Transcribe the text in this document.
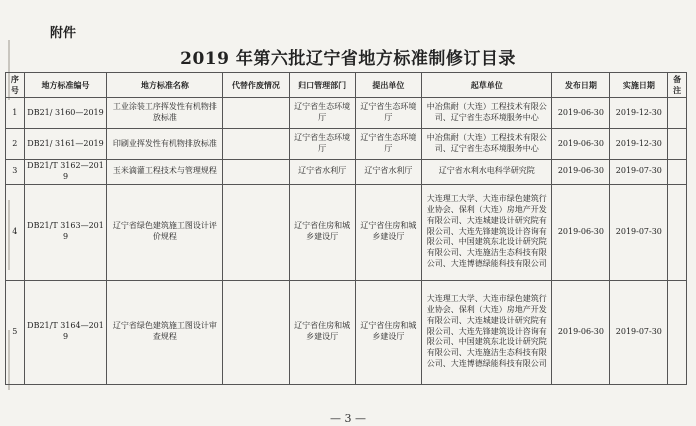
附件
2019 年第六批辽宁省地方标准制修订目录
序号	地方标准编号	地方标准名称	代替作废情况	归口管理部门	提出单位	起草单位	发布日期	实施日期	备注
1	DB21/ 3160—2019	工业涂装工序挥发性有机物排放标准		辽宁省生态环境厅	辽宁省生态环境厅	中冶焦耐（大连）工程技术有限公司、辽宁省生态环境服务中心	2019-06-30	2019-12-30	
2	DB21/ 3161—2019	印刷业挥发性有机物排放标准		辽宁省生态环境厅	辽宁省生态环境厅	中冶焦耐（大连）工程技术有限公司、辽宁省生态环境服务中心	2019-06-30	2019-12-30	
3	DB21/T 3162—2019	玉米滴灌工程技术与管理规程		辽宁省水利厅	辽宁省水利厅	辽宁省水利水电科学研究院	2019-06-30	2019-07-30	
4	DB21/T 3163—2019	辽宁省绿色建筑施工图设计评价规程		辽宁省住房和城乡建设厅	辽宁省住房和城乡建设厅	大连理工大学、大连市绿色建筑行业协会、保利（大连）房地产开发有限公司、大连城建设计研究院有限公司、大连先锋建筑设计咨询有限公司、中国建筑东北设计研究院有限公司、大连施洁生态科技有限公司、大连博德绿能科技有限公司	2019-06-30	2019-07-30	
5	DB21/T 3164—2019	辽宁省绿色建筑施工图设计审查规程		辽宁省住房和城乡建设厅	辽宁省住房和城乡建设厅	大连理工大学、大连市绿色建筑行业协会、保利（大连）房地产开发有限公司、大连城建设计研究院有限公司、大连先锋建筑设计咨询有限公司、中国建筑东北设计研究院有限公司、大连施洁生态科技有限公司、大连博德绿能科技有限公司	2019-06-30	2019-07-30	
— 3 —
